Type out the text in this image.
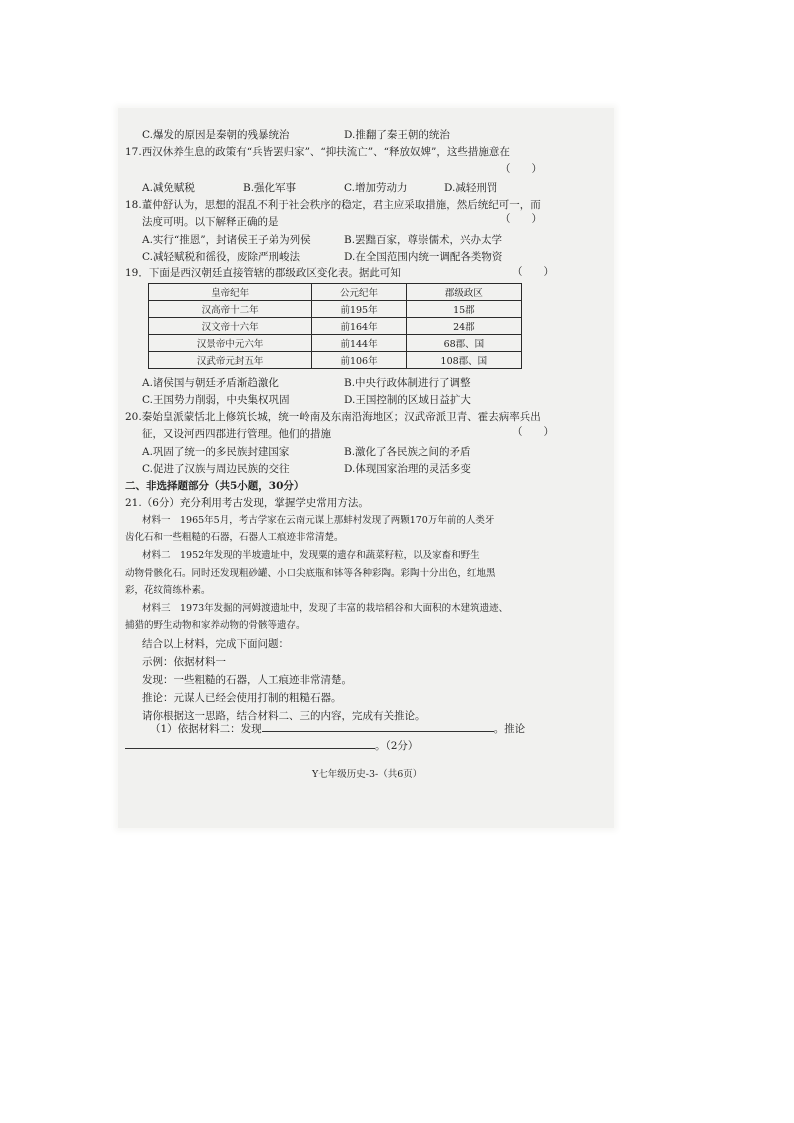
C.爆发的原因是秦朝的残暴统治	D.推翻了秦王朝的统治
17.西汉休养生息的政策有“兵皆罢归家”、“抑扶流亡”、“释放奴婢”，这些措施意在
（　　）
A.减免赋税	B.强化军事	C.增加劳动力	D.减轻刑罚
18.董仲舒认为，思想的混乱不利于社会秩序的稳定，君主应采取措施，然后统纪可一，而
法度可明。以下解释正确的是	（　　）
A.实行“推恩”，封诸侯王子弟为列侯	B.罢黜百家，尊崇儒术，兴办太学
C.减轻赋税和徭役，废除严刑峻法	D.在全国范围内统一调配各类物资
19．下面是西汉朝廷直接管辖的郡级政区变化表。据此可知	（　　）
皇帝纪年	公元纪年	郡级政区
汉高帝十二年	前195年	15郡
汉文帝十六年	前164年	24郡
汉景帝中元六年	前144年	68郡、国
汉武帝元封五年	前106年	108郡、国
A.诸侯国与朝廷矛盾渐趋激化	B.中央行政体制进行了调整
C.王国势力削弱，中央集权巩固	D.王国控制的区域日益扩大
20.秦始皇派蒙恬北上修筑长城，统一岭南及东南沿海地区；汉武帝派卫青、霍去病率兵出
征，又设河西四郡进行管理。他们的措施	（　　）
A.巩固了统一的多民族封建国家	B.激化了各民族之间的矛盾
C.促进了汉族与周边民族的交往	D.体现国家治理的灵活多变
二、非选择题部分（共5小题，30分）
21.（6分）充分利用考古发现，掌握学史常用方法。
材料一　1965年5月，考古学家在云南元谋上那蚌村发现了两颗170万年前的人类牙
齿化石和一些粗糙的石器，石器人工痕迹非常清楚。
材料二　1952年发现的半坡遗址中，发现粟的遗存和蔬菜籽粒，以及家畜和野生
动物骨骸化石。同时还发现粗砂罐、小口尖底瓶和钵等各种彩陶。彩陶十分出色，红地黑
彩，花纹简练朴素。
材料三　1973年发掘的河姆渡遗址中，发现了丰富的栽培稻谷和大面积的木建筑遗迹、
捕猎的野生动物和家养动物的骨骸等遗存。
结合以上材料，完成下面问题：
示例：依据材料一
发现：一些粗糙的石器，人工痕迹非常清楚。
推论：元谋人已经会使用打制的粗糙石器。
请你根据这一思路，结合材料二、三的内容，完成有关推论。
（1）依据材料二：发现	。推论
。（2分）
Y七年级历史-3-（共6页）
